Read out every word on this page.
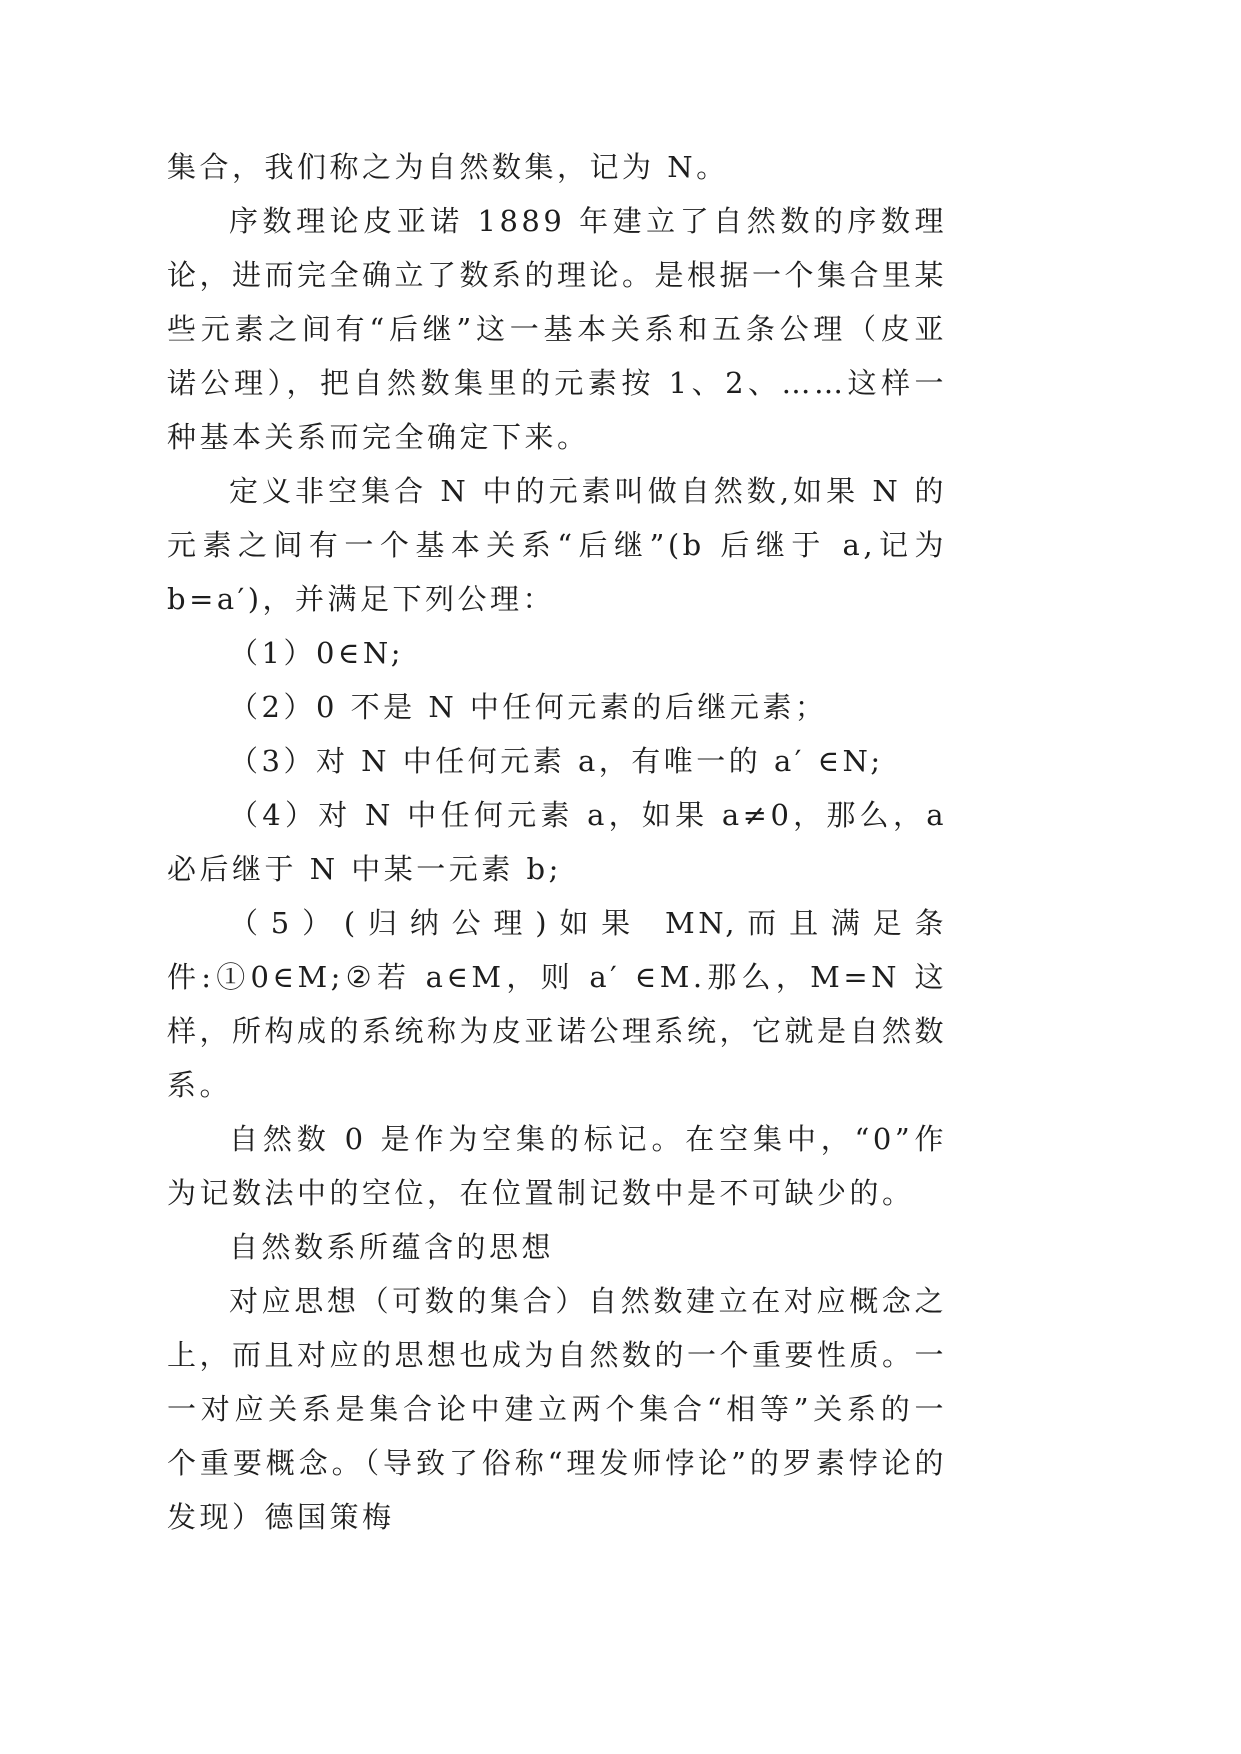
集合，我们称之为自然数集，记为 N。

序数理论皮亚诺 1889 年建立了自然数的序数理论，进而完全确立了数系的理论。是根据一个集合里某些元素之间有“后继”这一基本关系和五条公理（皮亚诺公理），把自然数集里的元素按 1、2、……这样一种基本关系而完全确定下来。

定义非空集合 N 中的元素叫做自然数,如果 N 的元素之间有一个基本关系“后继”(b 后继于 a,记为 b=a′)，并满足下列公理：

（1）0∈N;

（2）0 不是 N 中任何元素的后继元素；

（3）对 N 中任何元素 a，有唯一的 a′ ∈N;

（4）对 N 中任何元素 a，如果 a≠0，那么，a 必后继于 N 中某一元素 b;

（5）(归纳公理)如果 MN,而且满足条件:①0∈M;②若 a∈M，则 a′ ∈M.那么，M=N 这样，所构成的系统称为皮亚诺公理系统，它就是自然数系。

自然数 0 是作为空集的标记。在空集中，“0”作为记数法中的空位，在位置制记数中是不可缺少的。

自然数系所蕴含的思想

对应思想（可数的集合）自然数建立在对应概念之上，而且对应的思想也成为自然数的一个重要性质。一一对应关系是集合论中建立两个集合“相等”关系的一个重要概念。（导致了俗称“理发师悖论”的罗素悖论的发现）德国策梅
